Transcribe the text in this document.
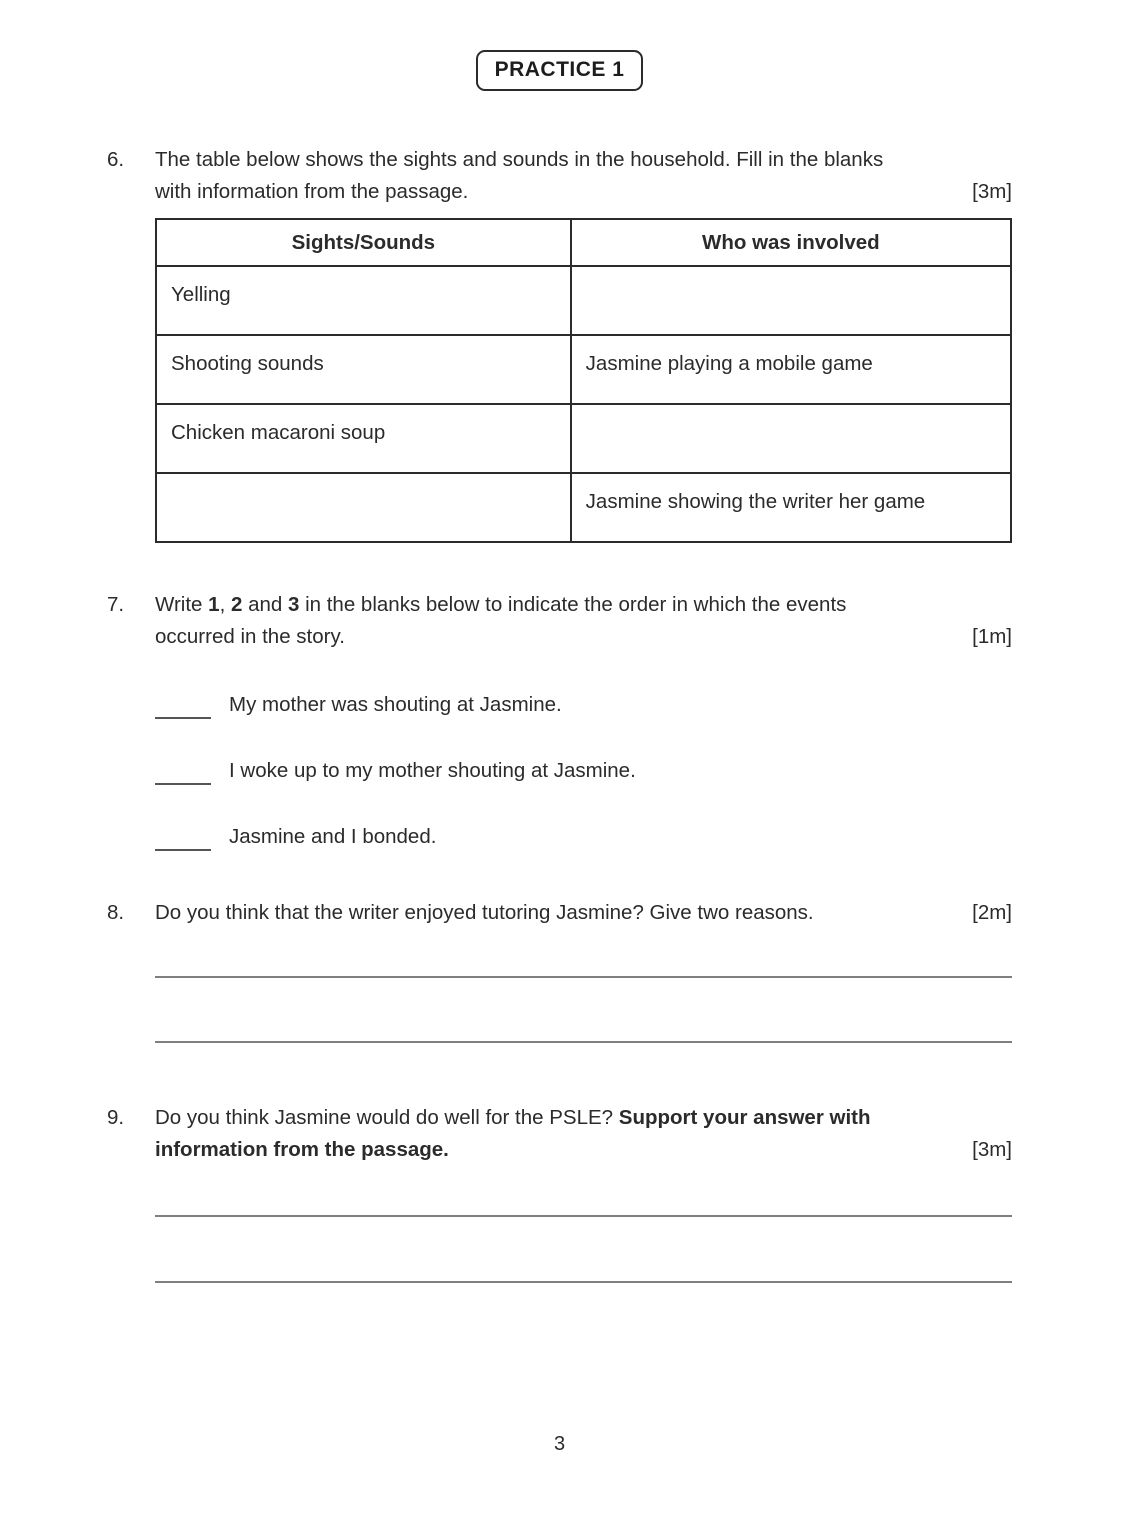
PRACTICE 1
6.	The table below shows the sights and sounds in the household. Fill in the blanks
with information from the passage.	[3m]
Sights/Sounds	Who was involved
Yelling	
Shooting sounds	Jasmine playing a mobile game
Chicken macaroni soup	
	Jasmine showing the writer her game
7.	Write 1, 2 and 3 in the blanks below to indicate the order in which the events
occurred in the story.	[1m]
My mother was shouting at Jasmine.
I woke up to my mother shouting at Jasmine.
Jasmine and I bonded.
8.	Do you think that the writer enjoyed tutoring Jasmine? Give two reasons.	[2m]
9.	Do you think Jasmine would do well for the PSLE? Support your answer with
information from the passage.	[3m]
3
